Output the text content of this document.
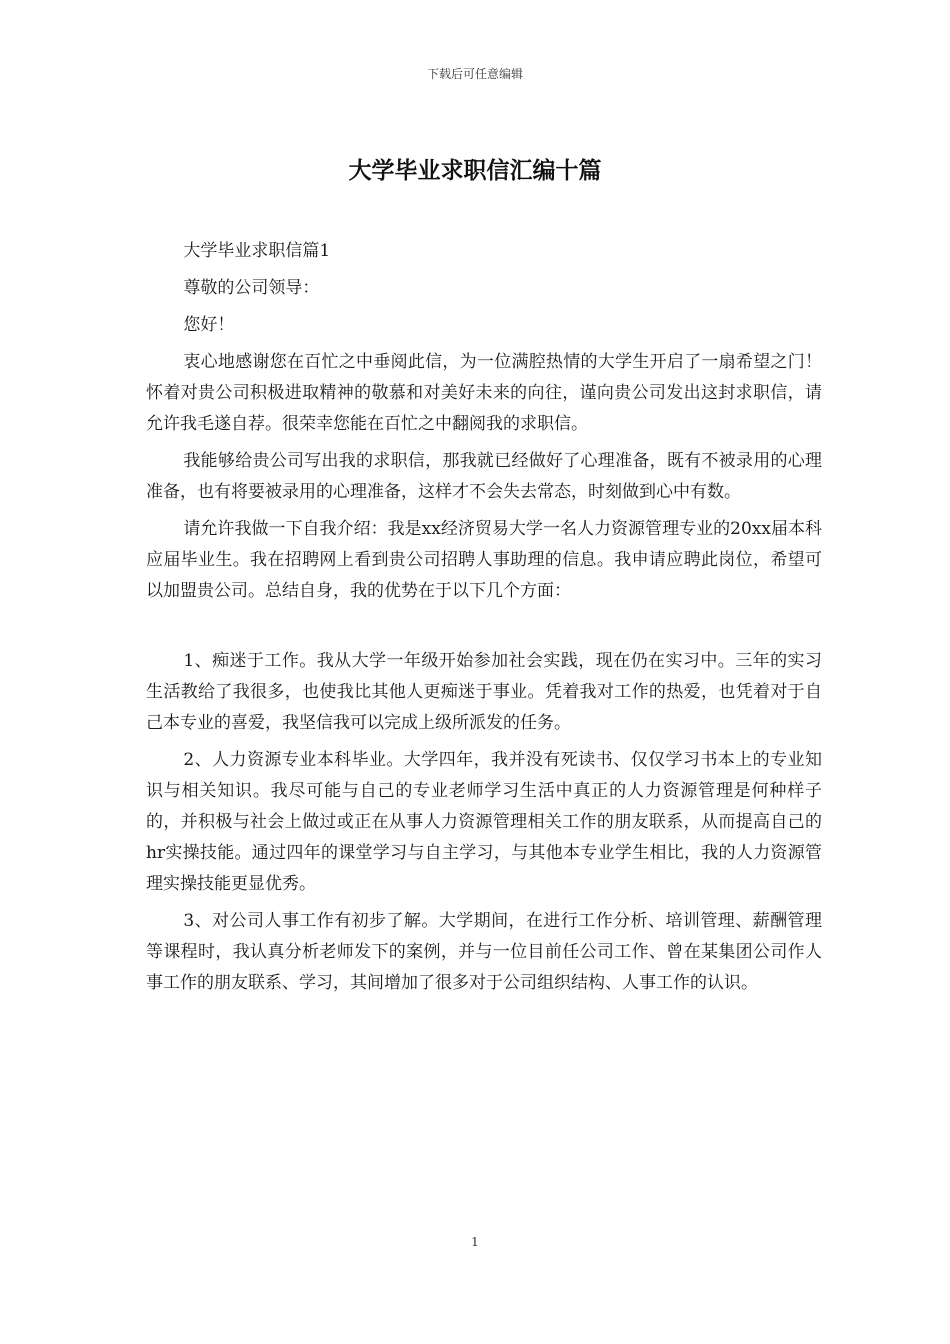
下载后可任意编辑
大学毕业求职信汇编十篇

大学毕业求职信篇1

尊敬的公司领导：

您好！

衷心地感谢您在百忙之中垂阅此信，为一位满腔热情的大学生开启了一扇希望之门！怀着对贵公司积极进取精神的敬慕和对美好未来的向往，谨向贵公司发出这封求职信，请允许我毛遂自荐。很荣幸您能在百忙之中翻阅我的求职信。

我能够给贵公司写出我的求职信，那我就已经做好了心理准备，既有不被录用的心理准备，也有将要被录用的心理准备，这样才不会失去常态，时刻做到心中有数。

请允许我做一下自我介绍：我是xx经济贸易大学一名人力资源管理专业的20xx届本科应届毕业生。我在招聘网上看到贵公司招聘人事助理的信息。我申请应聘此岗位，希望可以加盟贵公司。总结自身，我的优势在于以下几个方面：

1、痴迷于工作。我从大学一年级开始参加社会实践，现在仍在实习中。三年的实习生活教给了我很多，也使我比其他人更痴迷于事业。凭着我对工作的热爱，也凭着对于自己本专业的喜爱，我坚信我可以完成上级所派发的任务。

2、人力资源专业本科毕业。大学四年，我并没有死读书、仅仅学习书本上的专业知识与相关知识。我尽可能与自己的专业老师学习生活中真正的人力资源管理是何种样子的，并积极与社会上做过或正在从事人力资源管理相关工作的朋友联系，从而提高自己的hr实操技能。通过四年的课堂学习与自主学习，与其他本专业学生相比，我的人力资源管理实操技能更显优秀。

3、对公司人事工作有初步了解。大学期间，在进行工作分析、培训管理、薪酬管理等课程时，我认真分析老师发下的案例，并与一位目前任公司工作、曾在某集团公司作人事工作的朋友联系、学习，其间增加了很多对于公司组织结构、人事工作的认识。

1
